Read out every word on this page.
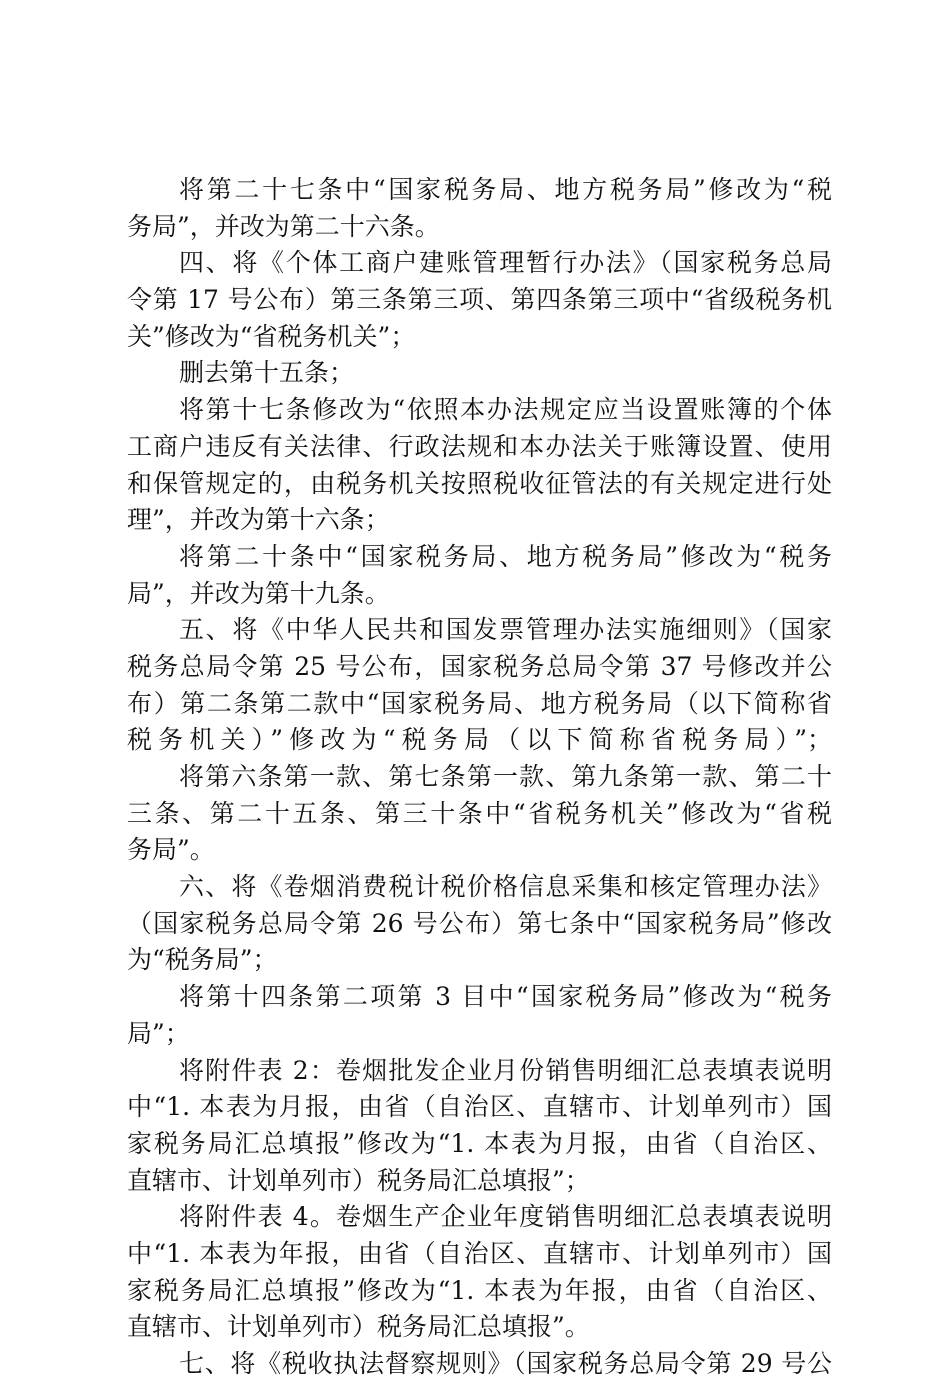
将第二十七条中“国家税务局、地方税务局”修改为“税
务局”，并改为第二十六条。
四、将《个体工商户建账管理暂行办法》（国家税务总局
令第 17 号公布）第三条第三项、第四条第三项中“省级税务机
关”修改为“省税务机关”；
删去第十五条；
将第十七条修改为“依照本办法规定应当设置账簿的个体
工商户违反有关法律、行政法规和本办法关于账簿设置、使用
和保管规定的，由税务机关按照税收征管法的有关规定进行处
理”，并改为第十六条；
将第二十条中“国家税务局、地方税务局”修改为“税务
局”，并改为第十九条。
五、将《中华人民共和国发票管理办法实施细则》（国家
税务总局令第 25 号公布，国家税务总局令第 37 号修改并公
布）第二条第二款中“国家税务局、地方税务局（以下简称省
税务机关）”修改为“税务局（以下简称省税务局）”；
将第六条第一款、第七条第一款、第九条第一款、第二十
三条、第二十五条、第三十条中“省税务机关”修改为“省税
务局”。
六、将《卷烟消费税计税价格信息采集和核定管理办法》
（国家税务总局令第 26 号公布）第七条中“国家税务局”修改
为“税务局”；
将第十四条第二项第 3 目中“国家税务局”修改为“税务
局”；
将附件表 2：卷烟批发企业月份销售明细汇总表填表说明
中“1. 本表为月报，由省（自治区、直辖市、计划单列市）国
家税务局汇总填报”修改为“1. 本表为月报，由省（自治区、
直辖市、计划单列市）税务局汇总填报”；
将附件表 4。卷烟生产企业年度销售明细汇总表填表说明
中“1. 本表为年报，由省（自治区、直辖市、计划单列市）国
家税务局汇总填报”修改为“1. 本表为年报，由省（自治区、
直辖市、计划单列市）税务局汇总填报”。
七、将《税收执法督察规则》（国家税务总局令第 29 号公
